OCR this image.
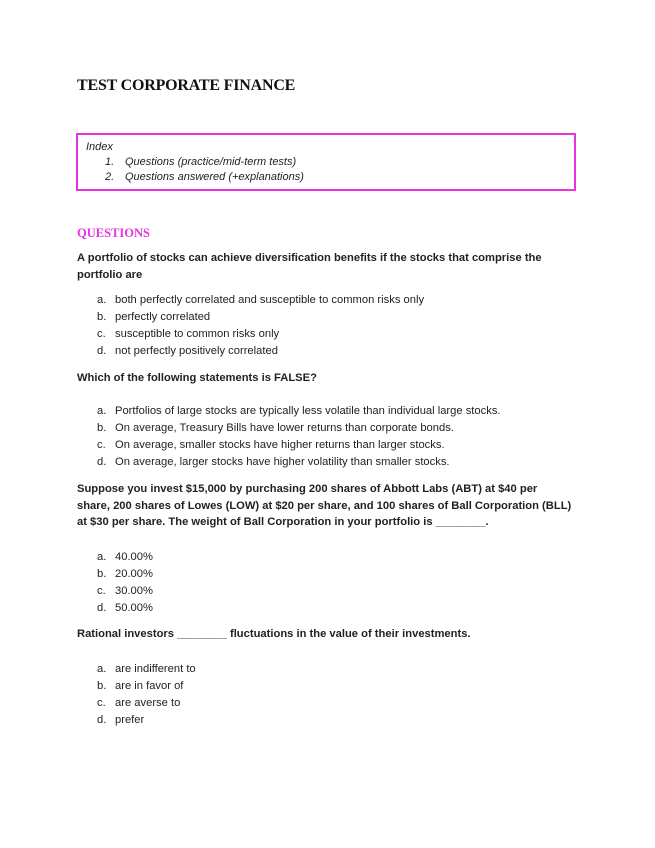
TEST CORPORATE FINANCE
Index
1. Questions (practice/mid-term tests)
2. Questions answered (+explanations)
QUESTIONS

A portfolio of stocks can achieve diversification benefits if the stocks that comprise the portfolio are

a. both perfectly correlated and susceptible to common risks only
b. perfectly correlated
c. susceptible to common risks only
d. not perfectly positively correlated

Which of the following statements is FALSE?

a. Portfolios of large stocks are typically less volatile than individual large stocks.
b. On average, Treasury Bills have lower returns than corporate bonds.
c. On average, smaller stocks have higher returns than larger stocks.
d. On average, larger stocks have higher volatility than smaller stocks.

Suppose you invest $15,000 by purchasing 200 shares of Abbott Labs (ABT) at $40 per share, 200 shares of Lowes (LOW) at $20 per share, and 100 shares of Ball Corporation (BLL) at $30 per share. The weight of Ball Corporation in your portfolio is ________.

a. 40.00%
b. 20.00%
c. 30.00%
d. 50.00%

Rational investors ________ fluctuations in the value of their investments.

a. are indifferent to
b. are in favor of
c. are averse to
d. prefer
